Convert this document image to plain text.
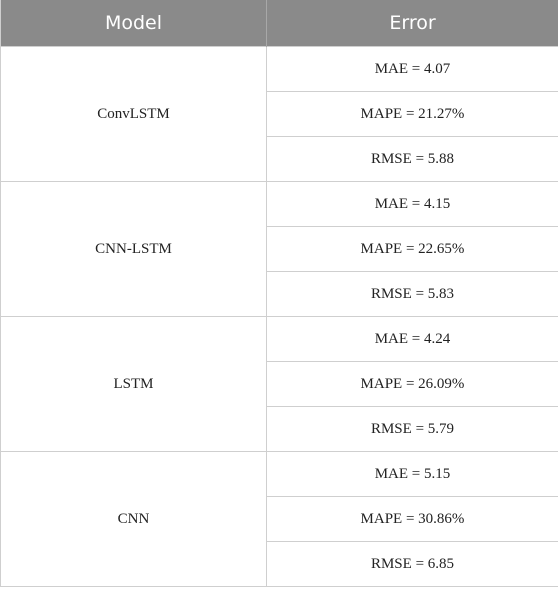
Model	Error
ConvLSTM	MAE = 4.07
	MAPE = 21.27%
	RMSE = 5.88
CNN-LSTM	MAE = 4.15
	MAPE = 22.65%
	RMSE = 5.83
LSTM	MAE = 4.24
	MAPE = 26.09%
	RMSE = 5.79
CNN	MAE = 5.15
	MAPE = 30.86%
	RMSE = 6.85
